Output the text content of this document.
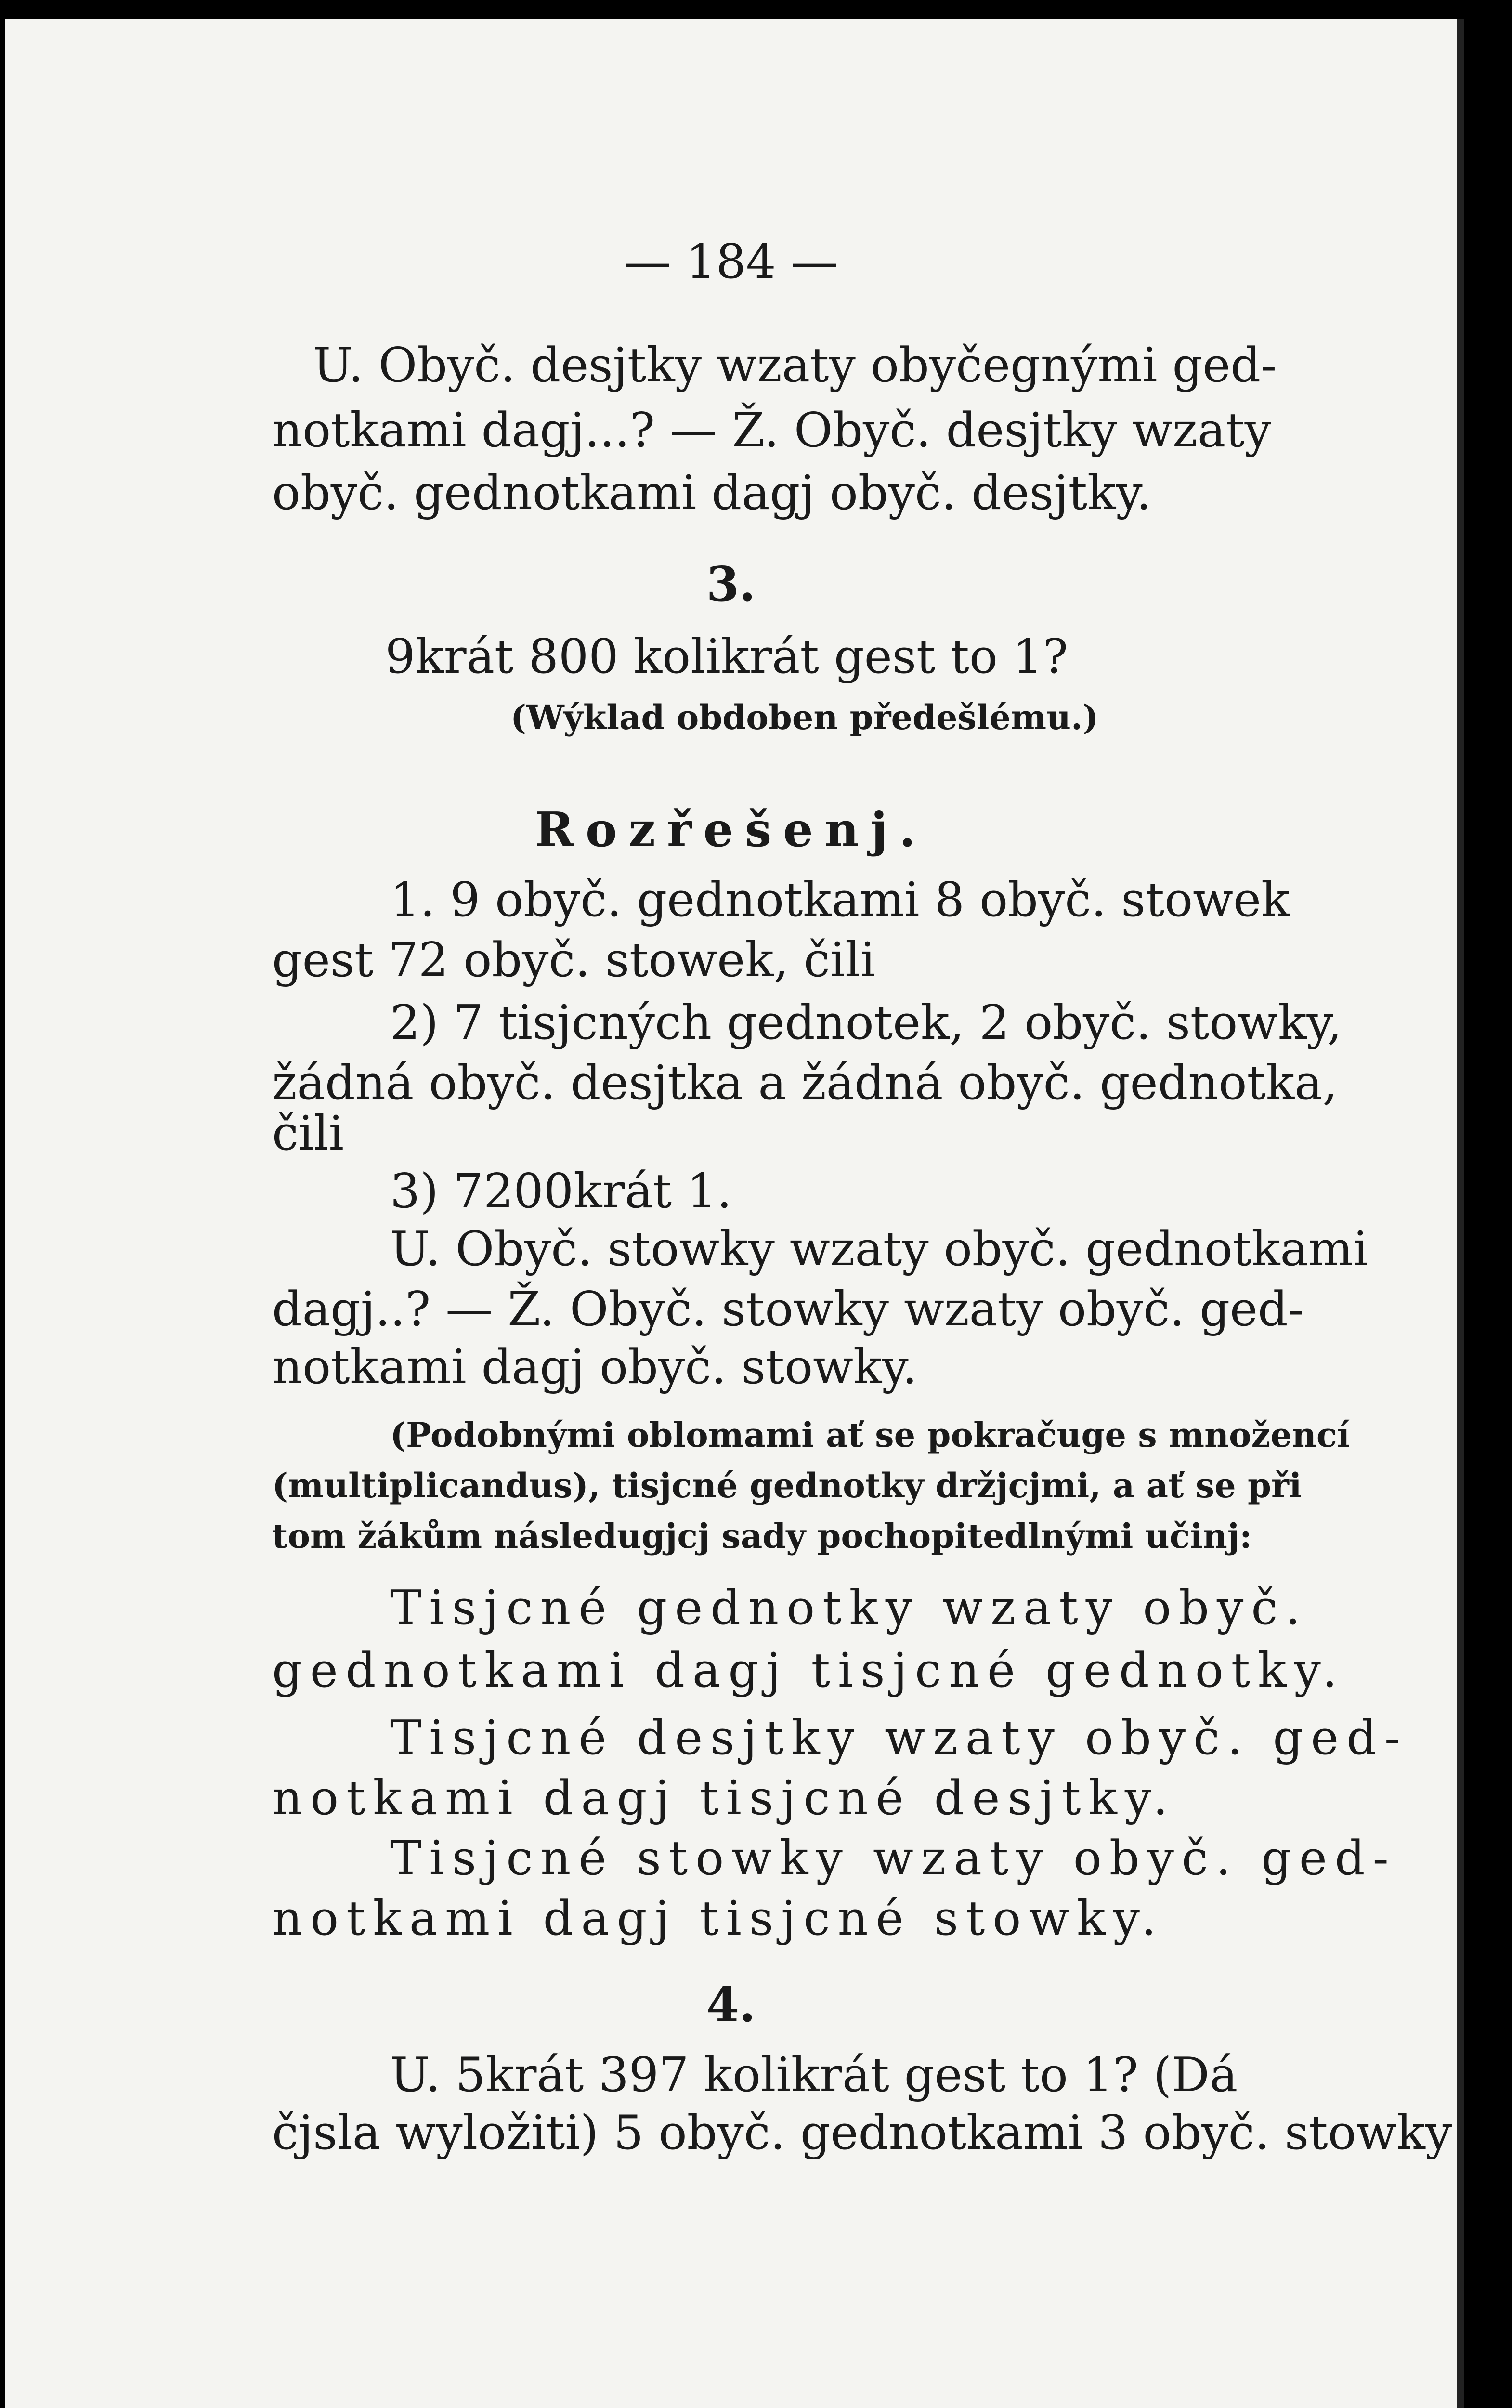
— 184 —
U. Obyč. desjtky wzaty obyčegnými ged-
notkami dagj...? — Ž. Obyč. desjtky wzaty
obyč. gednotkami dagj obyč. desjtky.
3.
9krát 800 kolikrát gest to 1?
(Wýklad obdoben předešlému.)
Rozřešenj.
1. 9 obyč. gednotkami 8 obyč. stowek
gest 72 obyč. stowek, čili
2) 7 tisjcných gednotek, 2 obyč. stowky,
žádná obyč. desjtka a žádná obyč. gednotka,
čili
3) 7200krát 1.
U. Obyč. stowky wzaty obyč. gednotkami
dagj..? — Ž. Obyč. stowky wzaty obyč. ged-
notkami dagj obyč. stowky.
(Podobnými oblomami ať se pokračuge s množencí
(multiplicandus), tisjcné gednotky držjcjmi, a ať se při
tom žákům následugjcj sady pochopitedlnými učinj:
Tisjcné gednotky wzaty obyč.
gednotkami dagj tisjcné gednotky.
Tisjcné desjtky wzaty obyč. ged-
notkami dagj tisjcné desjtky.
Tisjcné stowky wzaty obyč. ged-
notkami dagj tisjcné stowky.
4.
U. 5krát 397 kolikrát gest to 1? (Dá
čjsla wyložiti) 5 obyč. gednotkami 3 obyč. stowky
